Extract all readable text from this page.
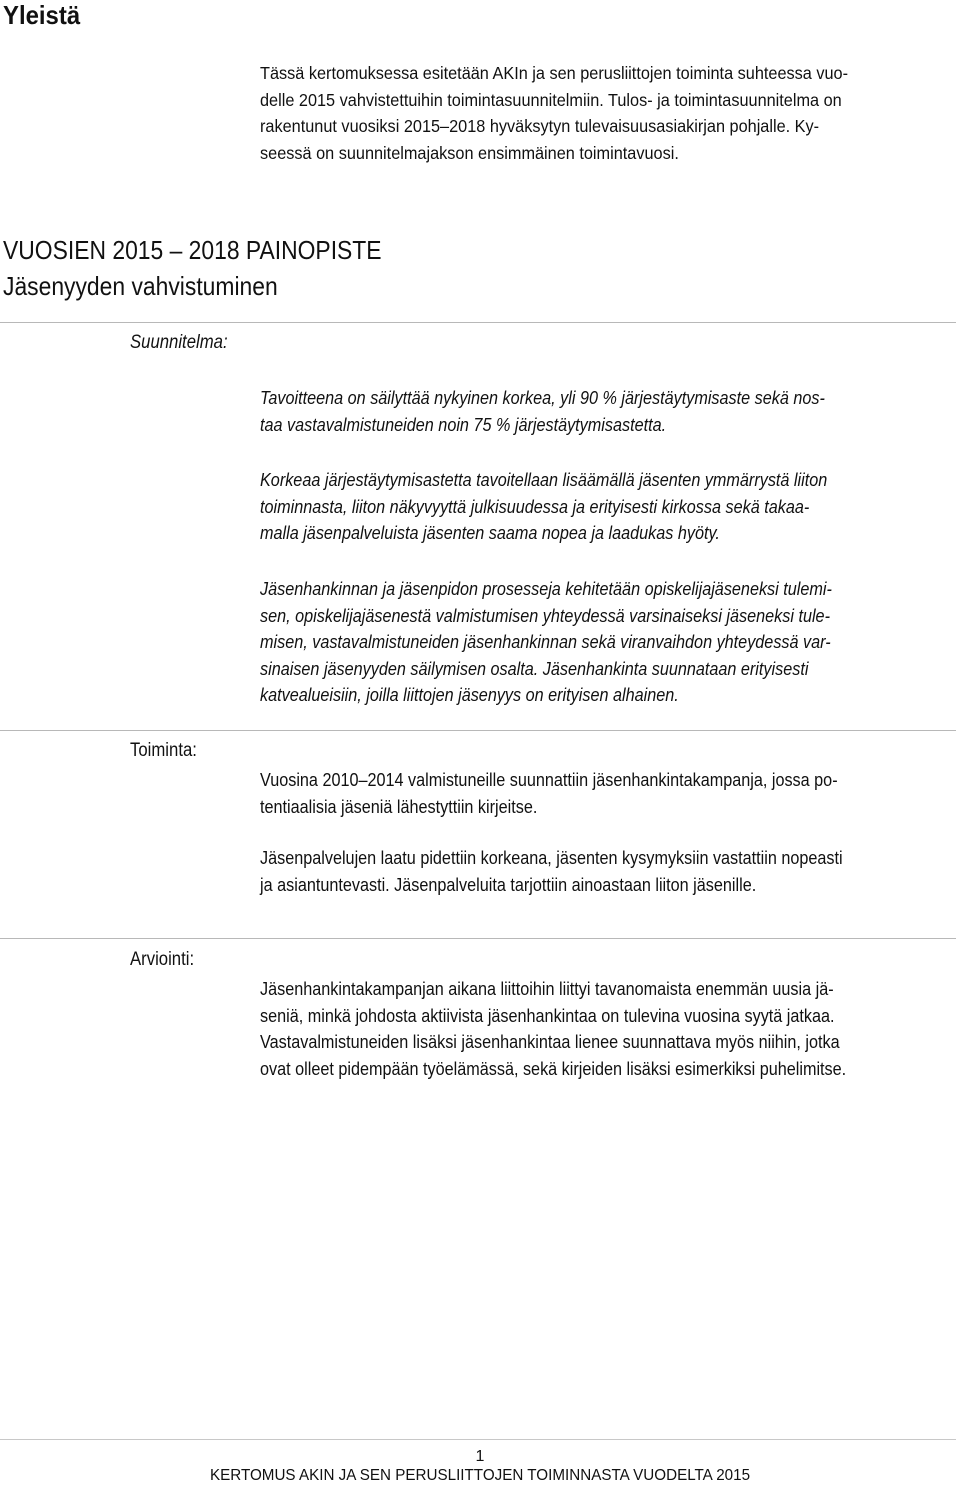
Yleistä

Tässä kertomuksessa esitetään AKIn ja sen perusliittojen toiminta suhteessa vuo-
delle 2015 vahvistettuihin toimintasuunnitelmiin. Tulos- ja toimintasuunnitelma on
rakentunut vuosiksi 2015–2018 hyväksytyn tulevaisuusasiakirjan pohjalle. Ky-
seessä on suunnitelmajakson ensimmäinen toimintavuosi.

VUOSIEN 2015 – 2018 PAINOPISTE
Jäsenyyden vahvistuminen

Suunnitelma:

Tavoitteena on säilyttää nykyinen korkea, yli 90 % järjestäytymisaste sekä nos-
taa vastavalmistuneiden noin 75 % järjestäytymisastetta.

Korkeaa järjestäytymisastetta tavoitellaan lisäämällä jäsenten ymmärrystä liiton
toiminnasta, liiton näkyvyyttä julkisuudessa ja erityisesti kirkossa sekä takaa-
malla jäsenpalveluista jäsenten saama nopea ja laadukas hyöty.

Jäsenhankinnan ja jäsenpidon prosesseja kehitetään opiskelijajäseneksi tulemi-
sen, opiskelijajäsenestä valmistumisen yhteydessä varsinaiseksi jäseneksi tule-
misen, vastavalmistuneiden jäsenhankinnan sekä viranvaihdon yhteydessä var-
sinaisen jäsenyyden säilymisen osalta. Jäsenhankinta suunnataan erityisesti
katvealueisiin, joilla liittojen jäsenyys on erityisen alhainen.

Toiminta:

Vuosina 2010–2014 valmistuneille suunnattiin jäsenhankintakampanja, jossa po-
tentiaalisia jäseniä lähestyttiin kirjeitse.

Jäsenpalvelujen laatu pidettiin korkeana, jäsenten kysymyksiin vastattiin nopeasti
ja asiantuntevasti. Jäsenpalveluita tarjottiin ainoastaan liiton jäsenille.

Arviointi:

Jäsenhankintakampanjan aikana liittoihin liittyi tavanomaista enemmän uusia jä-
seniä, minkä johdosta aktiivista jäsenhankintaa on tulevina vuosina syytä jatkaa.
Vastavalmistuneiden lisäksi jäsenhankintaa lienee suunnattava myös niihin, jotka
ovat olleet pidempään työelämässä, sekä kirjeiden lisäksi esimerkiksi puhelimitse.

1

KERTOMUS AKIN JA SEN PERUSLIITTOJEN TOIMINNASTA VUODELTA 2015
